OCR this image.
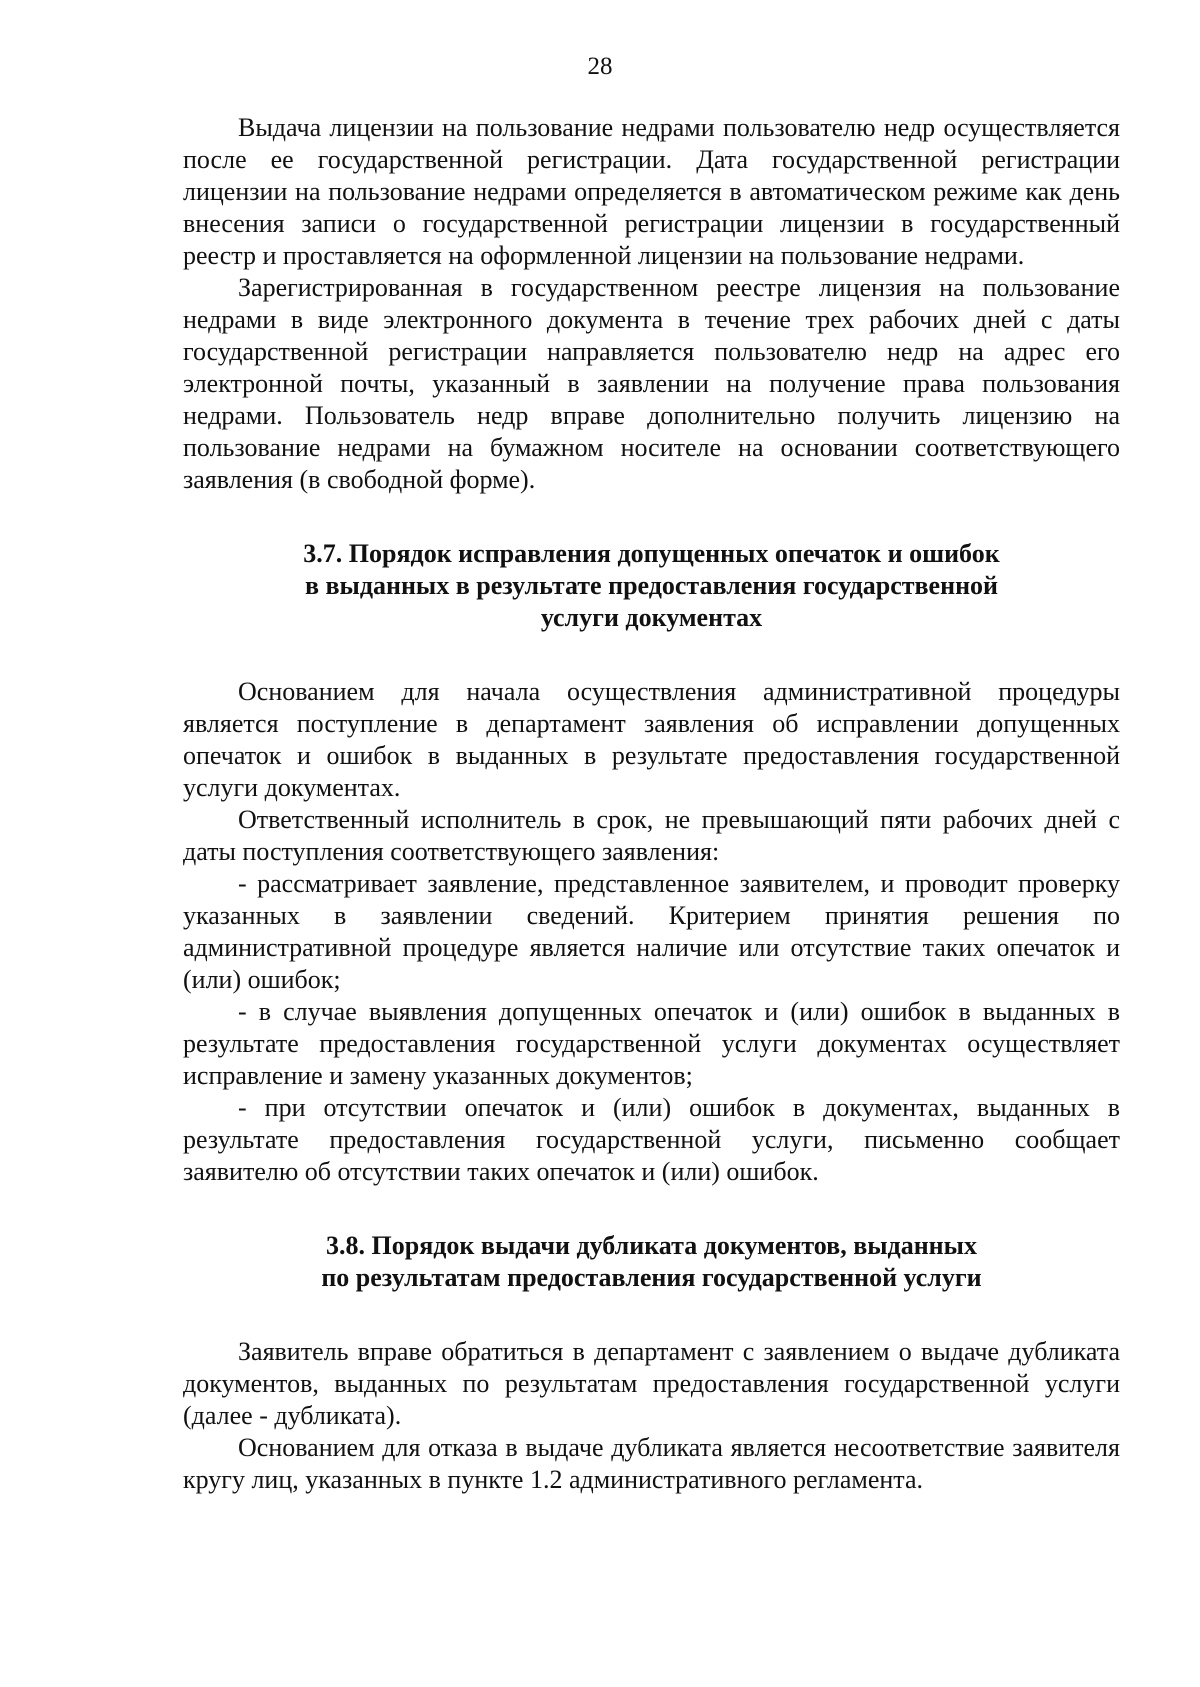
28

Выдача лицензии на пользование недрами пользователю недр осуществляется после ее государственной регистрации. Дата государственной регистрации лицензии на пользование недрами определяется в автоматическом режиме как день внесения записи о государственной регистрации лицензии в государственный реестр и проставляется на оформленной лицензии на пользование недрами.

Зарегистрированная в государственном реестре лицензия на пользование недрами в виде электронного документа в течение трех рабочих дней с даты государственной регистрации направляется пользователю недр на адрес его электронной почты, указанный в заявлении на получение права пользования недрами. Пользователь недр вправе дополнительно получить лицензию на пользование недрами на бумажном носителе на основании соответствующего заявления (в свободной форме).

3.7. Порядок исправления допущенных опечаток и ошибок
в выданных в результате предоставления государственной
услуги документах

Основанием для начала осуществления административной процедуры является поступление в департамент заявления об исправлении допущенных опечаток и ошибок в выданных в результате предоставления государственной услуги документах.

Ответственный исполнитель в срок, не превышающий пяти рабочих дней с даты поступления соответствующего заявления:

- рассматривает заявление, представленное заявителем, и проводит проверку указанных в заявлении сведений. Критерием принятия решения по административной процедуре является наличие или отсутствие таких опечаток и (или) ошибок;

- в случае выявления допущенных опечаток и (или) ошибок в выданных в результате предоставления государственной услуги документах осуществляет исправление и замену указанных документов;

- при отсутствии опечаток и (или) ошибок в документах, выданных в результате предоставления государственной услуги, письменно сообщает заявителю об отсутствии таких опечаток и (или) ошибок.

3.8. Порядок выдачи дубликата документов, выданных
по результатам предоставления государственной услуги

Заявитель вправе обратиться в департамент с заявлением о выдаче дубликата документов, выданных по результатам предоставления государственной услуги (далее - дубликата).

Основанием для отказа в выдаче дубликата является несоответствие заявителя кругу лиц, указанных в пункте 1.2 административного регламента.
